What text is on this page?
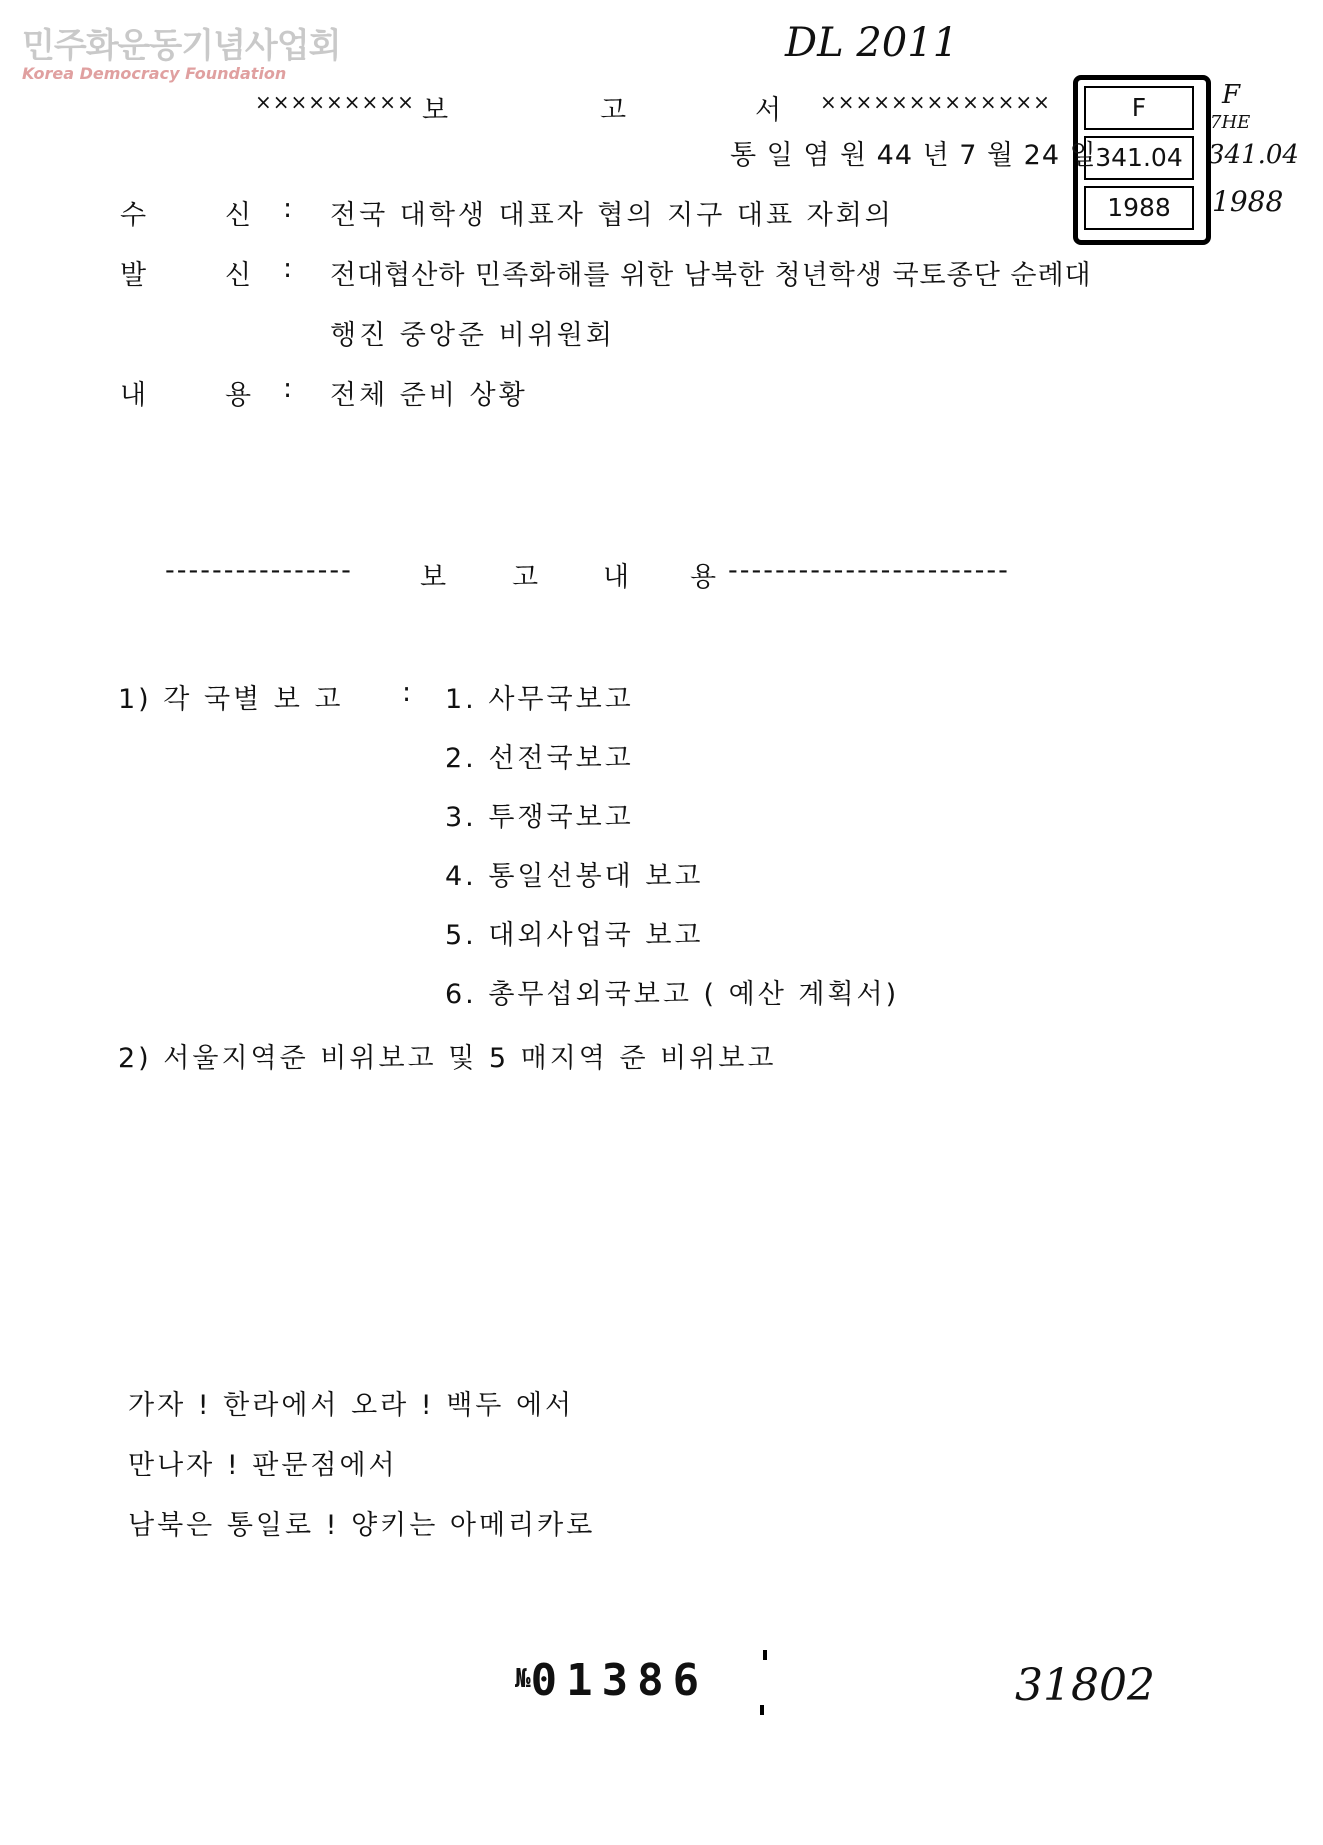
민주화운동기념사업회
Korea Democracy Foundation
DL 2011
F
7HE
341.04
1988
31802
F
341.04
1988
××××××××× 보	고	서 ×××××××××××××
통 일 염 원 44 년 7 월 24 일
수	신 : 전국 대학생 대표자 협의 지구 대표 자회의
발	신 : 전대협산하 민족화해를 위한 남북한 청년학생 국토종단 순례대
행진 중앙준 비위원회
내	용 : 전체 준비 상황
---------------- 보 고 내 용 ------------------------
1) 각 국별 보 고 : 1. 사무국보고
2. 선전국보고
3. 투쟁국보고
4. 통일선봉대 보고
5. 대외사업국 보고
6. 총무섭외국보고 ( 예산 계획서)
2) 서울지역준 비위보고 및 5 매지역 준 비위보고
가자 ! 한라에서 오라 ! 백두 에서
만나자 ! 판문점에서
남북은 통일로 ! 양키는 아메리카로
№01386
